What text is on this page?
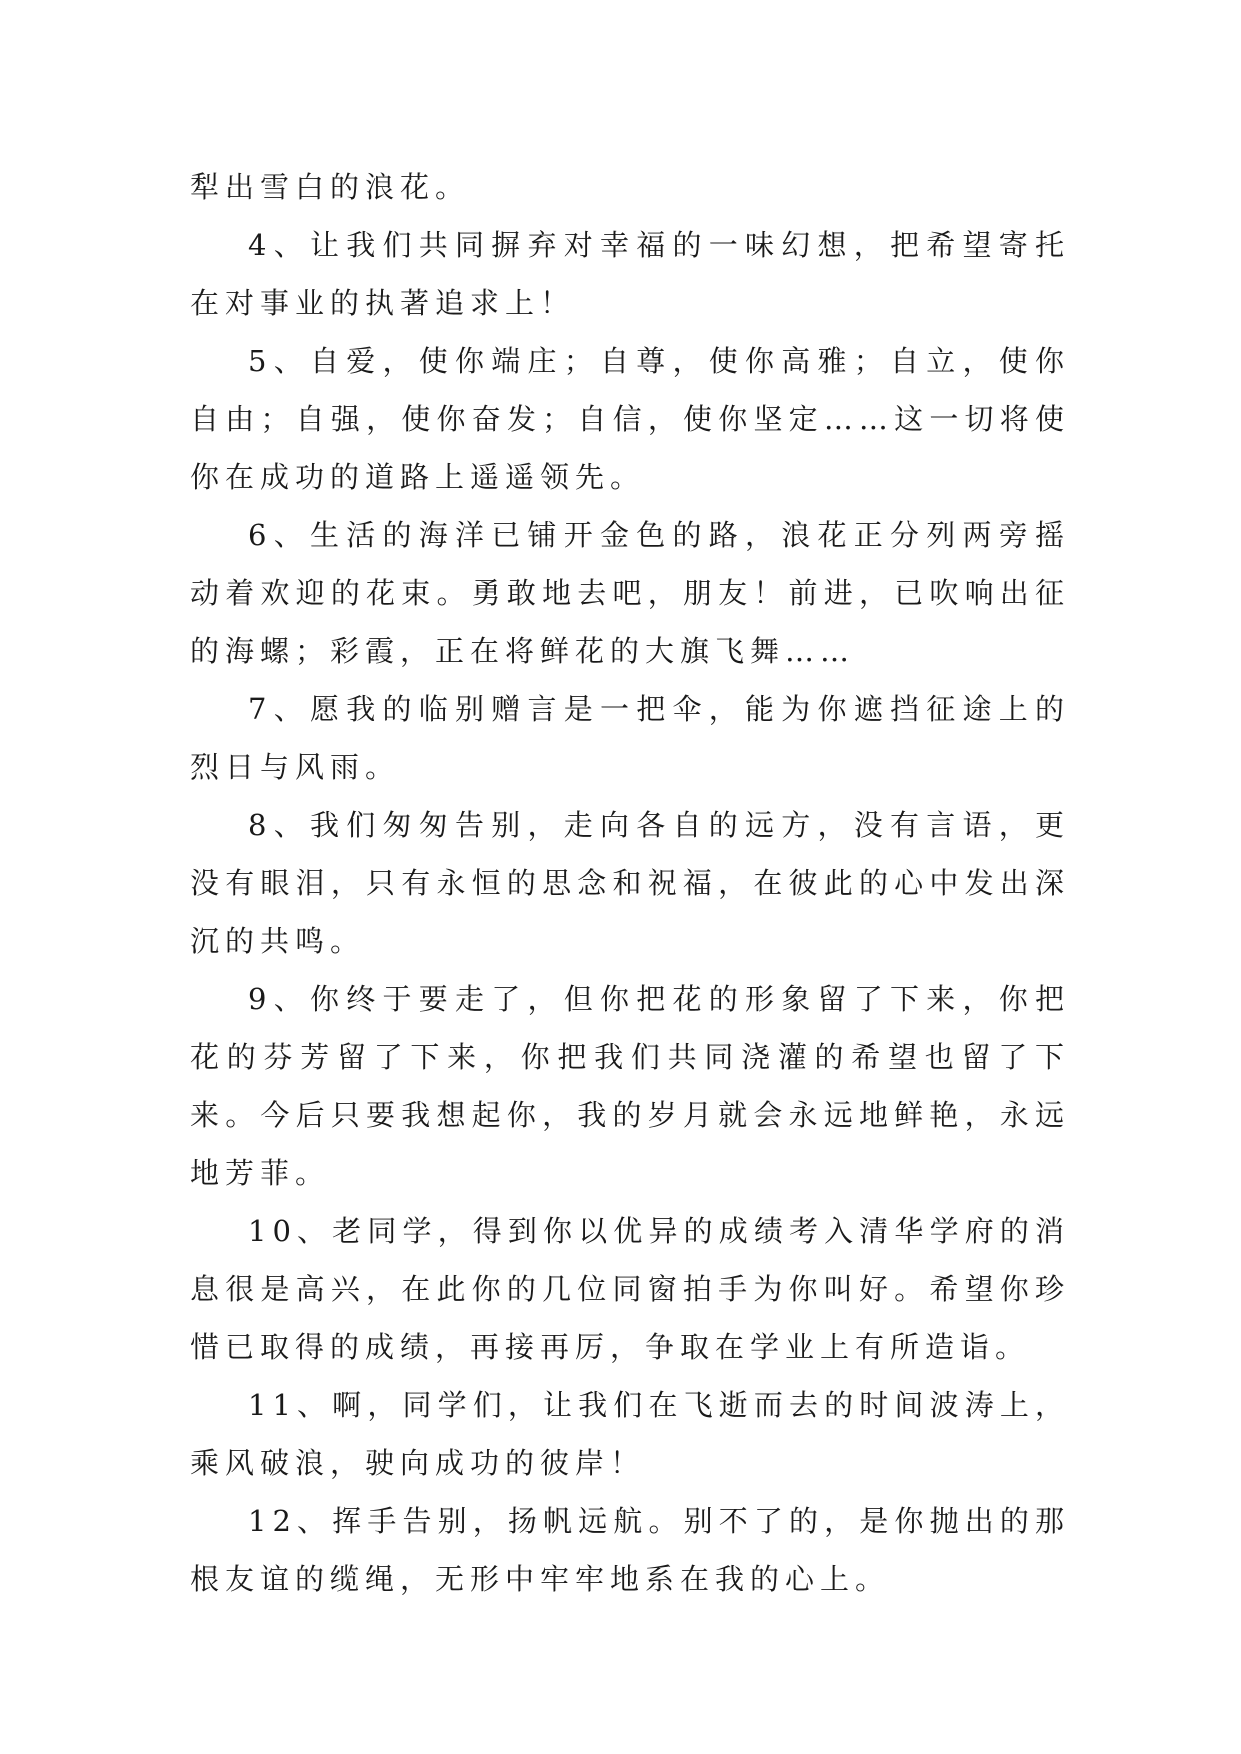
犁出雪白的浪花。

4、让我们共同摒弃对幸福的一味幻想，把希望寄托在对事业的执著追求上！

5、自爱，使你端庄；自尊，使你高雅；自立，使你自由；自强，使你奋发；自信，使你坚定……这一切将使你在成功的道路上遥遥领先。

6、生活的海洋已铺开金色的路，浪花正分列两旁摇动着欢迎的花束。勇敢地去吧，朋友！前进，已吹响出征的海螺；彩霞，正在将鲜花的大旗飞舞……

7、愿我的临别赠言是一把伞，能为你遮挡征途上的烈日与风雨。

8、我们匆匆告别，走向各自的远方，没有言语，更没有眼泪，只有永恒的思念和祝福，在彼此的心中发出深沉的共鸣。

9、你终于要走了，但你把花的形象留了下来，你把花的芬芳留了下来，你把我们共同浇灌的希望也留了下来。今后只要我想起你，我的岁月就会永远地鲜艳，永远地芳菲。

10、老同学，得到你以优异的成绩考入清华学府的消息很是高兴，在此你的几位同窗拍手为你叫好。希望你珍惜已取得的成绩，再接再厉，争取在学业上有所造诣。

11、啊，同学们，让我们在飞逝而去的时间波涛上，乘风破浪，驶向成功的彼岸！

12、挥手告别，扬帆远航。别不了的，是你抛出的那根友谊的缆绳，无形中牢牢地系在我的心上。
